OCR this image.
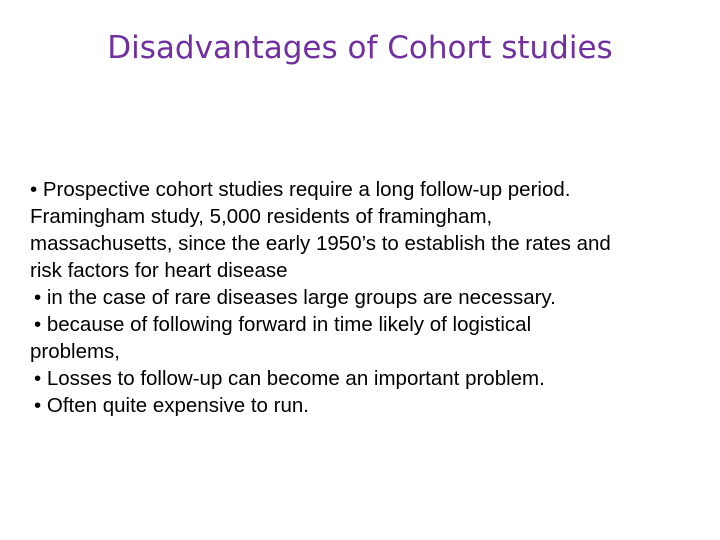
Disadvantages of Cohort studies

• Prospective cohort studies require a long follow-up period.

Framingham study, 5,000 residents of framingham,

massachusetts, since the early 1950’s to establish the rates and

risk factors for heart disease

• in the case of rare diseases large groups are necessary.

• because of following forward in time likely of logistical

problems,

• Losses to follow-up can become an important problem.

• Often quite expensive to run.
